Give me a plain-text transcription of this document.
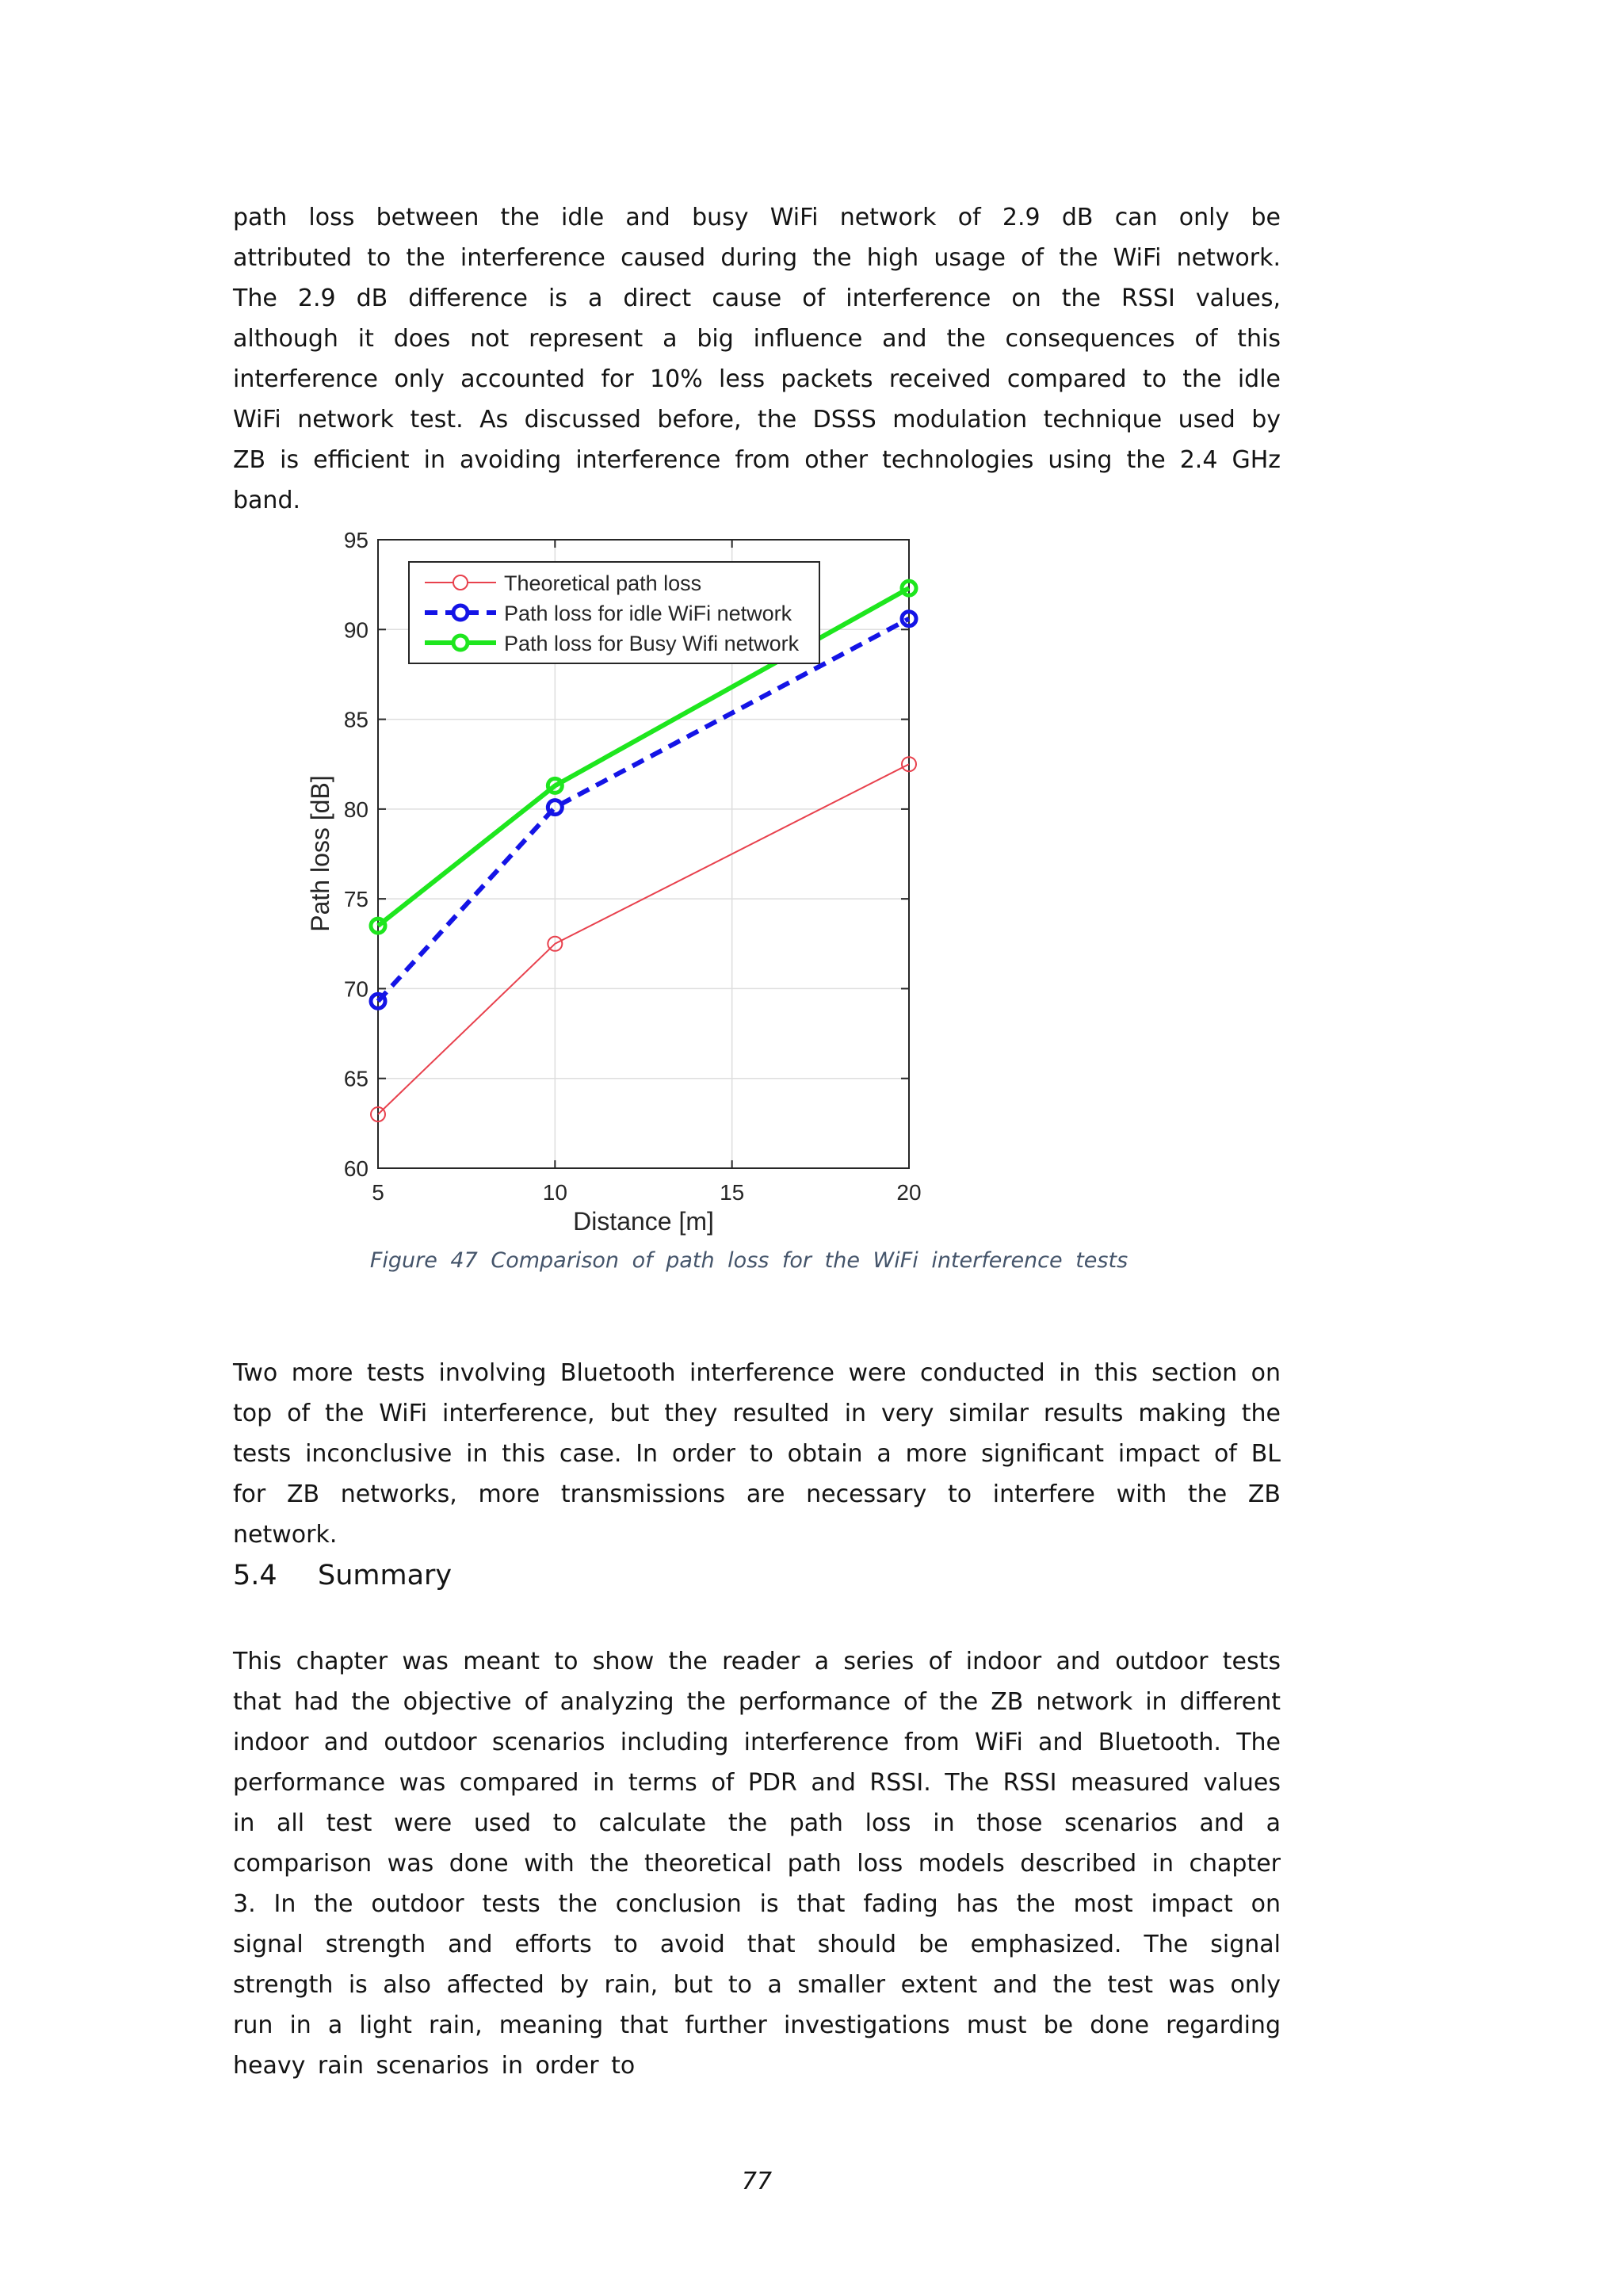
path loss between the idle and busy WiFi network of 2.9 dB can only be attributed to the interference caused during the high usage of the WiFi network. The 2.9 dB difference is a direct cause of interference on the RSSI values, although it does not represent a big influence and the consequences of this interference only accounted for 10% less packets received compared to the idle WiFi network test. As discussed before, the DSSS modulation technique used by ZB is efficient in avoiding interference from other technologies using the 2.4 GHz band.

5	10	15	20
60
65
70
75
80
85
90
95
Theoretical path loss
Path loss for idle WiFi network
Path loss for Busy Wifi network
Distance [m]
Path loss [dB]

Figure 47 Comparison of path loss for the WiFi interference tests

Two more tests involving Bluetooth interference were conducted in this section on top of the WiFi interference, but they resulted in very similar results making the tests inconclusive in this case. In order to obtain a more significant impact of BL for ZB networks, more transmissions are necessary to interfere with the ZB network.

5.4 Summary

This chapter was meant to show the reader a series of indoor and outdoor tests that had the objective of analyzing the performance of the ZB network in different indoor and outdoor scenarios including interference from WiFi and Bluetooth. The performance was compared in terms of PDR and RSSI. The RSSI measured values in all test were used to calculate the path loss in those scenarios and a comparison was done with the theoretical path loss models described in chapter 3. In the outdoor tests the conclusion is that fading has the most impact on signal strength and efforts to avoid that should be emphasized. The signal strength is also affected by rain, but to a smaller extent and the test was only run in a light rain, meaning that further investigations must be done regarding heavy rain scenarios in order to

77
